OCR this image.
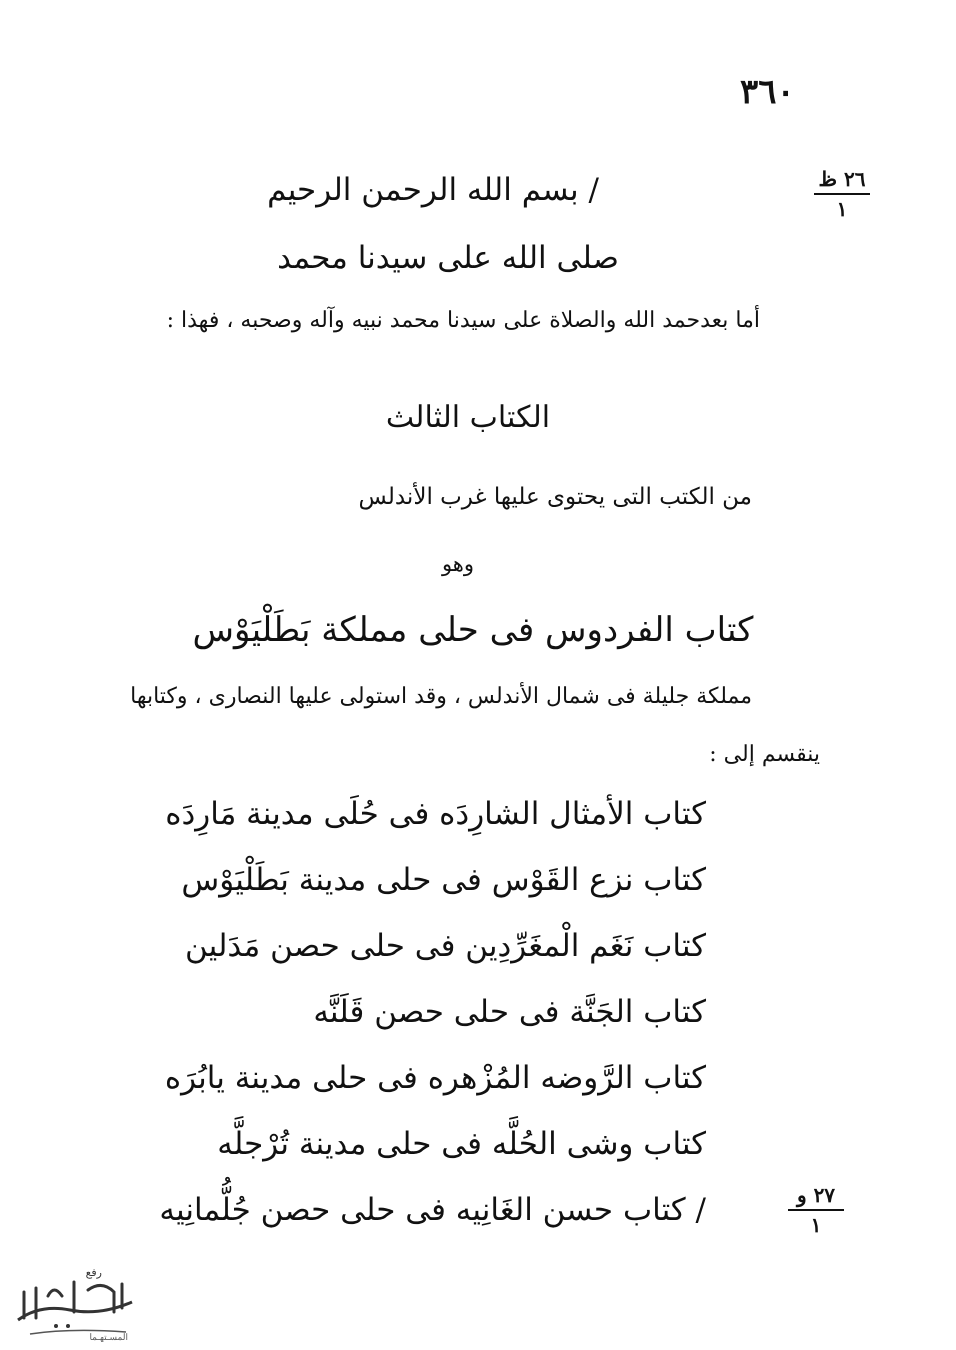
٣٦٠
٢٦ ظ
١
/ بسم الله الرحمن الرحيم
صلى الله على سيدنا محمد
أما بعدحمد الله والصلاة على سيدنا محمد نبيه وآله وصحبه ، فهذا :
الكتاب الثالث
من الكتب التى يحتوى عليها غرب الأندلس
وهو
كتاب الفردوس فى حلى مملكة بَطَلْيَوْس
مملكة جليلة فى شمال الأندلس ، وقد استولى عليها النصارى ، وكتابها
ينقسم إلى :
كتاب الأمثال الشارِدَه فى حُلَى مدينة مَارِدَه
كتاب نزع القَوْس فى حلى مدينة بَطَلْيَوْس
كتاب نَغَم الْمغَرِّدِين فى حلى حصن مَدَلين
كتاب الجَنَّة فى حلى حصن قَلَنَّه
كتاب الرَّوضه المُزْهره فى حلى مدينة يابُرَه
كتاب وشى الحُلَّه فى حلى مدينة تُرْجلَّه
/ كتاب حسن الغَانِيه فى حلى حصن جُلُّمانِيه	٢٧ و
١
رفع
المسـتهـما
